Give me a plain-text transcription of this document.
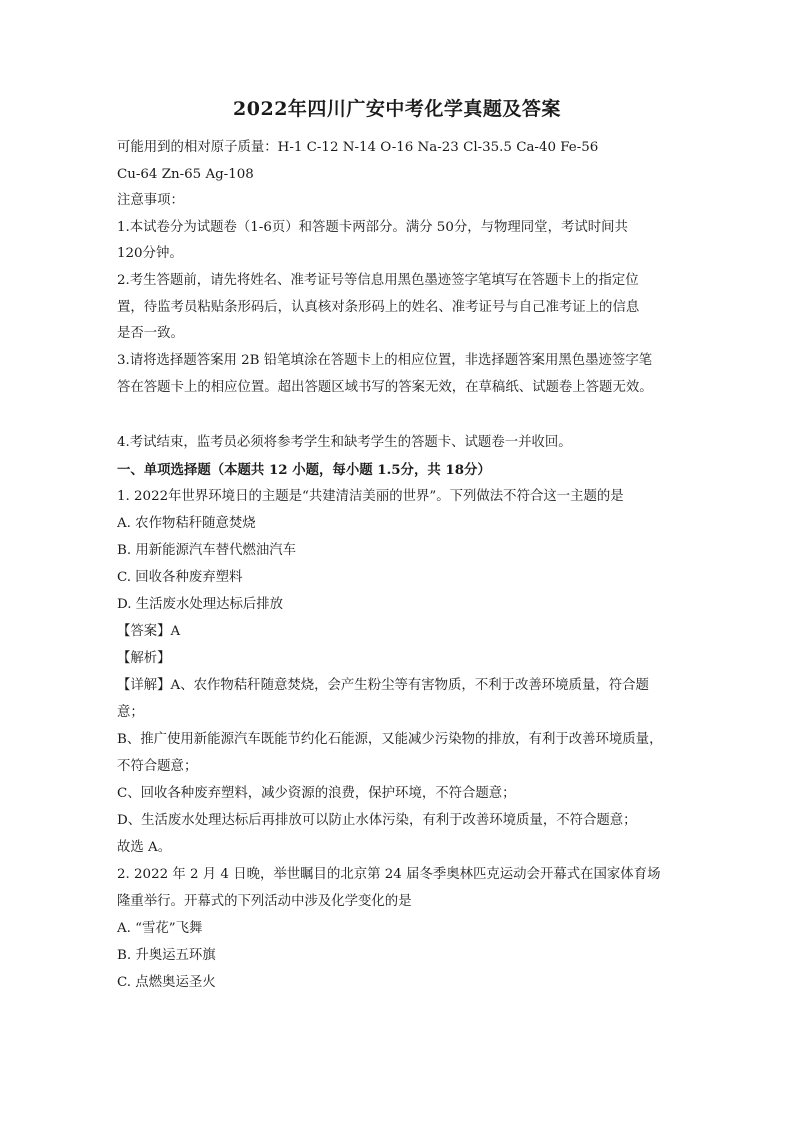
2022年四川广安中考化学真题及答案
可能用到的相对原子质量：H-1 C-12 N-14 O-16 Na-23 Cl-35.5 Ca-40 Fe-56
Cu-64 Zn-65 Ag-108
注意事项：
1.本试卷分为试题卷（1-6页）和答题卡两部分。满分 50分，与物理同堂，考试时间共
120分钟。
2.考生答题前，请先将姓名、准考证号等信息用黑色墨迹签字笔填写在答题卡上的指定位
置，待监考员粘贴条形码后，认真核对条形码上的姓名、准考证号与自己准考证上的信息
是否一致。
3.请将选择题答案用 2B 铅笔填涂在答题卡上的相应位置，非选择题答案用黑色墨迹签字笔
答在答题卡上的相应位置。超出答题区域书写的答案无效，在草稿纸、试题卷上答题无效。
4.考试结束，监考员必须将参考学生和缺考学生的答题卡、试题卷一并收回。
一、单项选择题（本题共 12 小题，每小题 1.5分，共 18分）
1. 2022年世界环境日的主题是“共建清洁美丽的世界”。下列做法不符合这一主题的是
A. 农作物秸秆随意焚烧
B. 用新能源汽车替代燃油汽车
C. 回收各种废弃塑料
D. 生活废水处理达标后排放
【答案】A
【解析】
【详解】A、农作物秸秆随意焚烧，会产生粉尘等有害物质，不利于改善环境质量，符合题
意；
B、推广使用新能源汽车既能节约化石能源，又能减少污染物的排放，有利于改善环境质量，
不符合题意；
C、回收各种废弃塑料，减少资源的浪费，保护环境，不符合题意；
D、生活废水处理达标后再排放可以防止水体污染，有利于改善环境质量，不符合题意；
故选 A。
2. 2022 年 2 月 4 日晚，举世瞩目的北京第 24 届冬季奥林匹克运动会开幕式在国家体育场
隆重举行。开幕式的下列活动中涉及化学变化的是
A. “雪花”飞舞
B. 升奥运五环旗
C. 点燃奥运圣火
